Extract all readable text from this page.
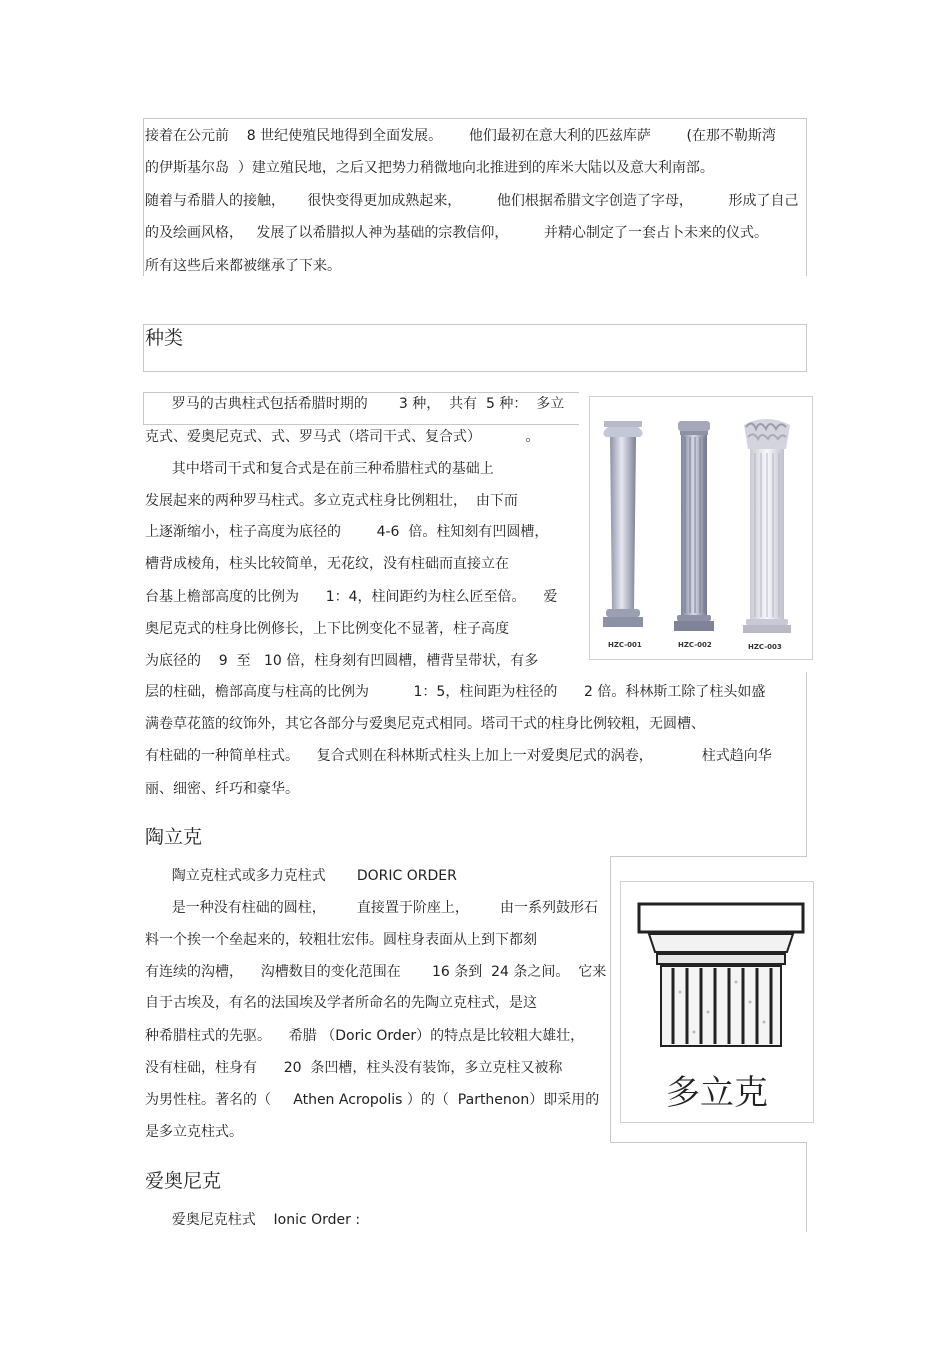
接着在公元前    8 世纪使殖民地得到全面发展。      他们最初在意大利的匹兹库萨        (在那不勒斯湾
的伊斯基尔岛  ）建立殖民地，之后又把势力稍微地向北推进到的库米大陆以及意大利南部。
随着与希腊人的接触，     很快变得更加成熟起来，        他们根据希腊文字创造了字母，        形成了自己
的及绘画风格，   发展了以希腊拟人神为基础的宗教信仰，        并精心制定了一套占卜未来的仪式。
所有这些后来都被继承了下来。
种类
罗马的古典柱式包括希腊时期的       3 种，  共有  5 种：  多立
克式、爱奥尼克式、式、罗马式（塔司干式、复合式）          。
其中塔司干式和复合式是在前三种希腊柱式的基础上
发展起来的两种罗马柱式。多立克式柱身比例粗壮，  由下而
上逐渐缩小，柱子高度为底径的        4-6  倍。柱知刻有凹圆槽，
槽背成棱角，柱头比较简单，无花纹，没有柱础而直接立在
台基上檐部高度的比例为      1：4，柱间距约为柱么匠至倍。    爱
奥尼克式的柱身比例修长，上下比例变化不显著，柱子高度
为底径的    9  至   10 倍，柱身刻有凹圆槽，槽背呈带状，有多
层的柱础，檐部高度与柱高的比例为          1：5，柱间距为柱径的      2 倍。科林斯工除了柱头如盛
满卷草花篮的纹饰外，其它各部分与爱奥尼克式相同。塔司干式的柱身比例较粗，无圆槽、
有柱础的一种简单柱式。    复合式则在科林斯式柱头上加上一对爱奥尼式的涡卷，           柱式趋向华
丽、细密、纤巧和豪华。
HZC-001	HZC-002	HZC-003
陶立克
陶立克柱式或多力克柱式       DORIC ORDER
是一种没有柱础的圆柱，       直接置于阶座上，       由一系列鼓形石
料一个挨一个垒起来的，较粗壮宏伟。圆柱身表面从上到下都刻
有连续的沟槽，    沟槽数目的变化范围在       16 条到  24 条之间。  它来
自于古埃及，有名的法国埃及学者所命名的先陶立克柱式，是这
种希腊柱式的先驱。    希腊 （Doric Order）的特点是比较粗大雄壮，
没有柱础，柱身有      20  条凹槽，柱头没有装饰，多立克柱又被称
为男性柱。著名的（     Athen Acropolis ）的（  Parthenon）即采用的
是多立克柱式。
多立克
爱奥尼克
爱奥尼克柱式    Ionic Order :
